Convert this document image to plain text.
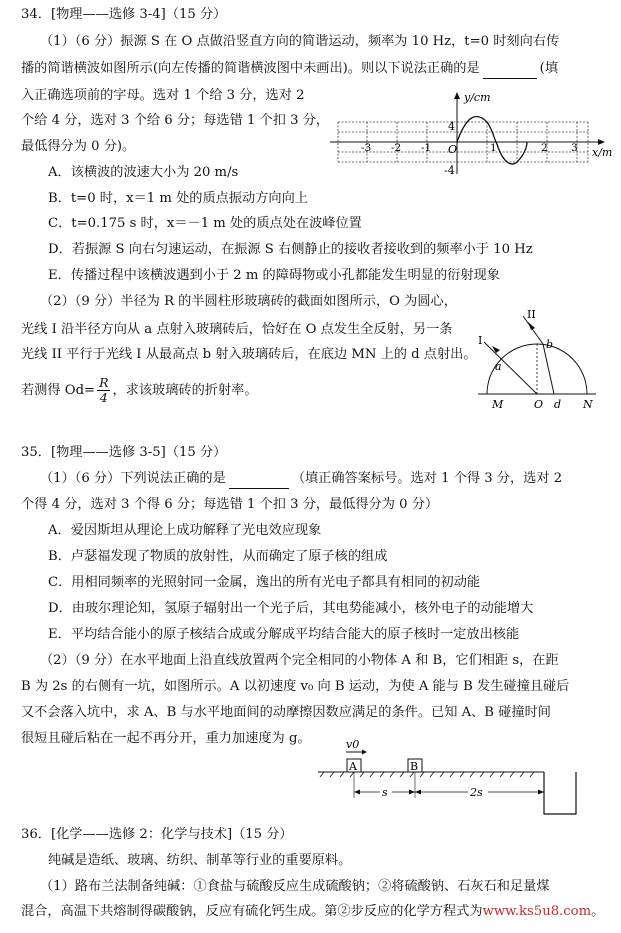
34．[物理——选修 3-4]（15 分）
（1）（6 分）振源 S 在 O 点做沿竖直方向的简谐运动，频率为 10 Hz，t=0 时刻向右传
播的简谐横波如图所示(向左传播的简谐横波图中未画出)。则以下说法正确的是	(填
入正确选项前的字母。选对 1 个给 3 分，选对 2
个给 4 分，选对 3 个给 6 分；每选错 1 个扣 3 分，
最低得分为 0 分)。
A．该横波的波速大小为 20 m/s
B．t=0 时，x＝1 m 处的质点振动方向向上
C．t=0.175 s 时，x＝－1 m 处的质点处在波峰位置
D．若振源 S 向右匀速运动，在振源 S 右侧静止的接收者接收到的频率小于 10 Hz
E．传播过程中该横波遇到小于 2 m 的障碍物或小孔都能发生明显的衍射现象
（2）（9 分）半径为 R 的半圆柱形玻璃砖的截面如图所示，O 为圆心，
光线 I 沿半径方向从 a 点射入玻璃砖后，恰好在 O 点发生全反射，另一条
光线 II 平行于光线 I 从最高点 b 射入玻璃砖后，在底边 MN 上的 d 点射出。
若测得 $Od= \frac{R}{4}$ ，求该玻璃砖的折射率。
y/cm
x/m
4
-4
O
-3 -2 -1	1	2 3
I
II
a
b
M	O d N
35．[物理——选修 3-5]（15 分）
（1）（6 分）下列说法正确的是	（填正确答案标号。选对 1 个得 3 分，选对 2
个得 4 分，选对 3 个得 6 分；每选错 1 个扣 3 分，最低得分为 0 分）
A．爱因斯坦从理论上成功解释了光电效应现象
B．卢瑟福发现了物质的放射性，从而确定了原子核的组成
C．用相同频率的光照射同一金属，逸出的所有光电子都具有相同的初动能
D．由玻尔理论知，氢原子辐射出一个光子后，其电势能减小，核外电子的动能增大
E．平均结合能小的原子核结合成或分解成平均结合能大的原子核时一定放出核能
（2）（9 分）在水平地面上沿直线放置两个完全相同的小物体 A 和 B，它们相距 s，在距
B 为 2s 的右侧有一坑，如图所示。A 以初速度 v₀ 向 B 运动，为使 A 能与 B 发生碰撞且碰后
又不会落入坑中，求 A、B 与水平地面间的动摩擦因数应满足的条件。已知 A、B 碰撞时间
很短且碰后粘在一起不再分开，重力加速度为 g。	v0
A	B
s	2s
36．[化学——选修 2：化学与技术]（15 分）
纯碱是造纸、玻璃、纺织、制革等行业的重要原料。
（1）路布兰法制备纯碱：①食盐与硫酸反应生成硫酸钠；②将硫酸钠、石灰石和足量煤
混合，高温下共熔制得碳酸钠，反应有硫化钙生成。第②步反应的化学方程式为www.ks5u8.com。
